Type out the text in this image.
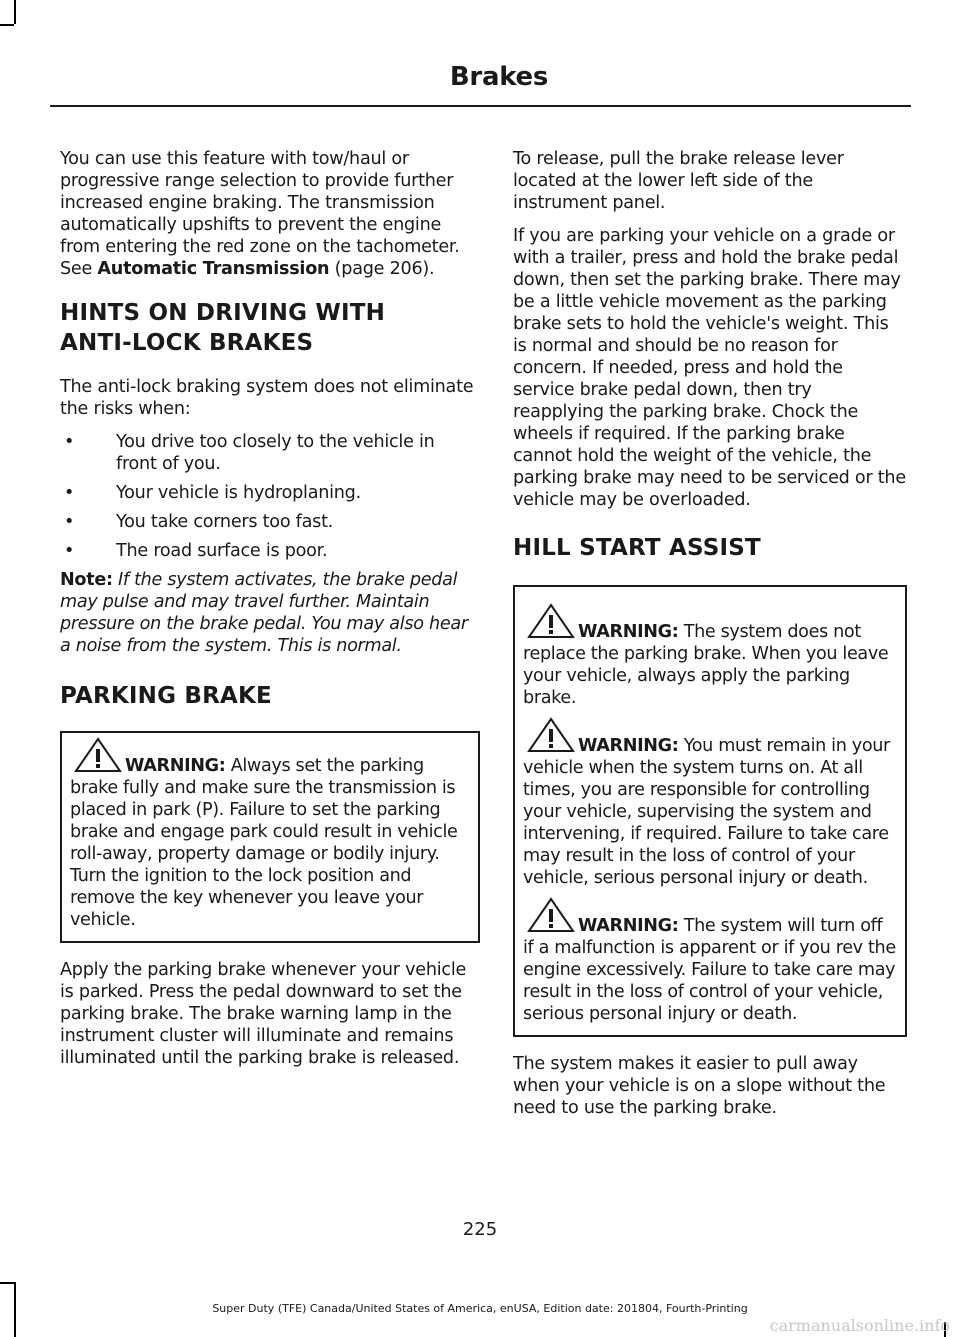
Brakes

You can use this feature with tow/haul or progressive range selection to provide further increased engine braking. The transmission automatically upshifts to prevent the engine from entering the red zone on the tachometer. See Automatic Transmission (page 206).

HINTS ON DRIVING WITH ANTI-LOCK BRAKES

The anti-lock braking system does not eliminate the risks when:

• You drive too closely to the vehicle in front of you.
• Your vehicle is hydroplaning.
• You take corners too fast.
• The road surface is poor.

Note: If the system activates, the brake pedal may pulse and may travel further. Maintain pressure on the brake pedal. You may also hear a noise from the system. This is normal.

PARKING BRAKE

WARNING: Always set the parking brake fully and make sure the transmission is placed in park (P). Failure to set the parking brake and engage park could result in vehicle roll-away, property damage or bodily injury. Turn the ignition to the lock position and remove the key whenever you leave your vehicle.

Apply the parking brake whenever your vehicle is parked. Press the pedal downward to set the parking brake. The brake warning lamp in the instrument cluster will illuminate and remains illuminated until the parking brake is released.

To release, pull the brake release lever located at the lower left side of the instrument panel.

If you are parking your vehicle on a grade or with a trailer, press and hold the brake pedal down, then set the parking brake. There may be a little vehicle movement as the parking brake sets to hold the vehicle's weight. This is normal and should be no reason for concern. If needed, press and hold the service brake pedal down, then try reapplying the parking brake. Chock the wheels if required. If the parking brake cannot hold the weight of the vehicle, the parking brake may need to be serviced or the vehicle may be overloaded.

HILL START ASSIST

WARNING: The system does not replace the parking brake. When you leave your vehicle, always apply the parking brake.

WARNING: You must remain in your vehicle when the system turns on. At all times, you are responsible for controlling your vehicle, supervising the system and intervening, if required. Failure to take care may result in the loss of control of your vehicle, serious personal injury or death.

WARNING: The system will turn off if a malfunction is apparent or if you rev the engine excessively. Failure to take care may result in the loss of control of your vehicle, serious personal injury or death.

The system makes it easier to pull away when your vehicle is on a slope without the need to use the parking brake.

225
Super Duty (TFE) Canada/United States of America, enUSA, Edition date: 201804, Fourth-Printing
carmanualsonline.info
